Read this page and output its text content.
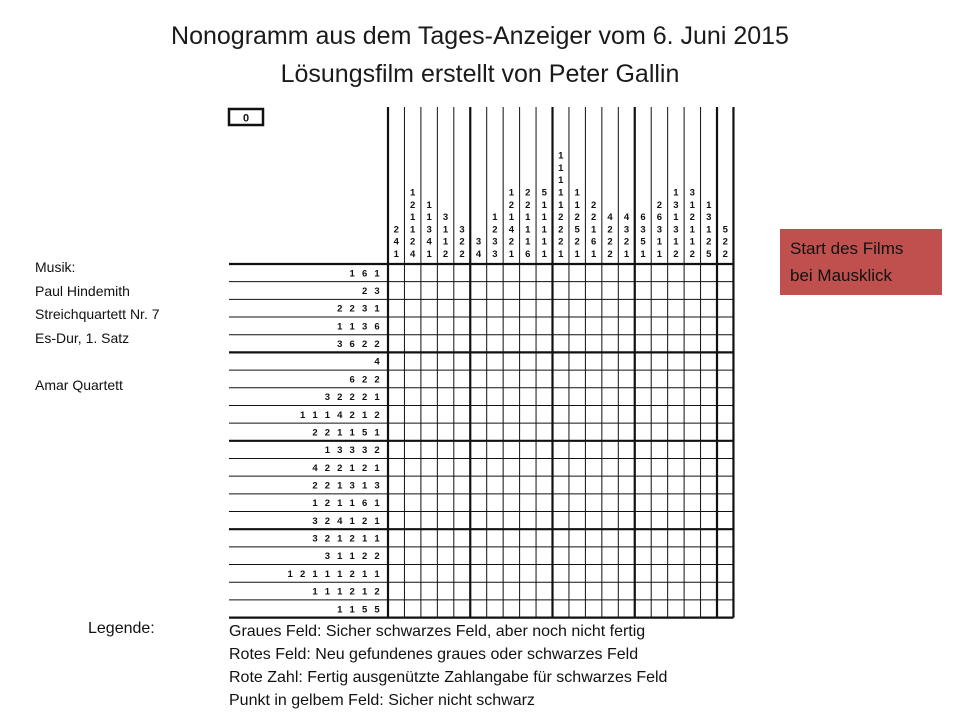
Nonogramm aus dem Tages-Anzeiger vom 6. Juni 2015
Lösungsfilm erstellt von Peter Gallin
Musik:
Paul Hindemith
Streichquartett Nr. 7
Es-Dur, 1. Satz
Amar Quartett
Start des Films
bei Mausklick
0
2
4
1
1
2
1
1
2
4
1
1
3
4
1
3
1
1
2
3
2
2
3
4
1
2
3
3
1
2
1
4
2
1
2
2
1
1
1
6
5
1
1
1
1
1
1
1
1
1
1
2
2
2
1
1
1
2
5
2
1
2
2
1
6
1
4
2
2
2
4
3
2
1
6
3
5
1
2
6
3
1
1
1
3
1
3
1
2
3
1
2
1
1
2
1
3
1
2
5
5
2
2
1 6 1
2 3
2 2 3 1
1 1 3 6
3 6 2 2
4
6 2 2
3 2 2 2 1
1 1 1 4 2 1 2
2 2 1 1 5 1
1 3 3 3 2
4 2 2 1 2 1
2 2 1 3 1 3
1 2 1 1 6 1
3 2 4 1 2 1
3 2 1 2 1 1
3 1 1 2 2
1 2 1 1 1 2 1 1
1 1 1 2 1 2
1 1 5 5
Legende:	Graues Feld: Sicher schwarzes Feld, aber noch nicht fertig
Rotes Feld: Neu gefundenes graues oder schwarzes Feld
Rote Zahl: Fertig ausgenützte Zahlangabe für schwarzes Feld
Punkt in gelbem Feld: Sicher nicht schwarz
